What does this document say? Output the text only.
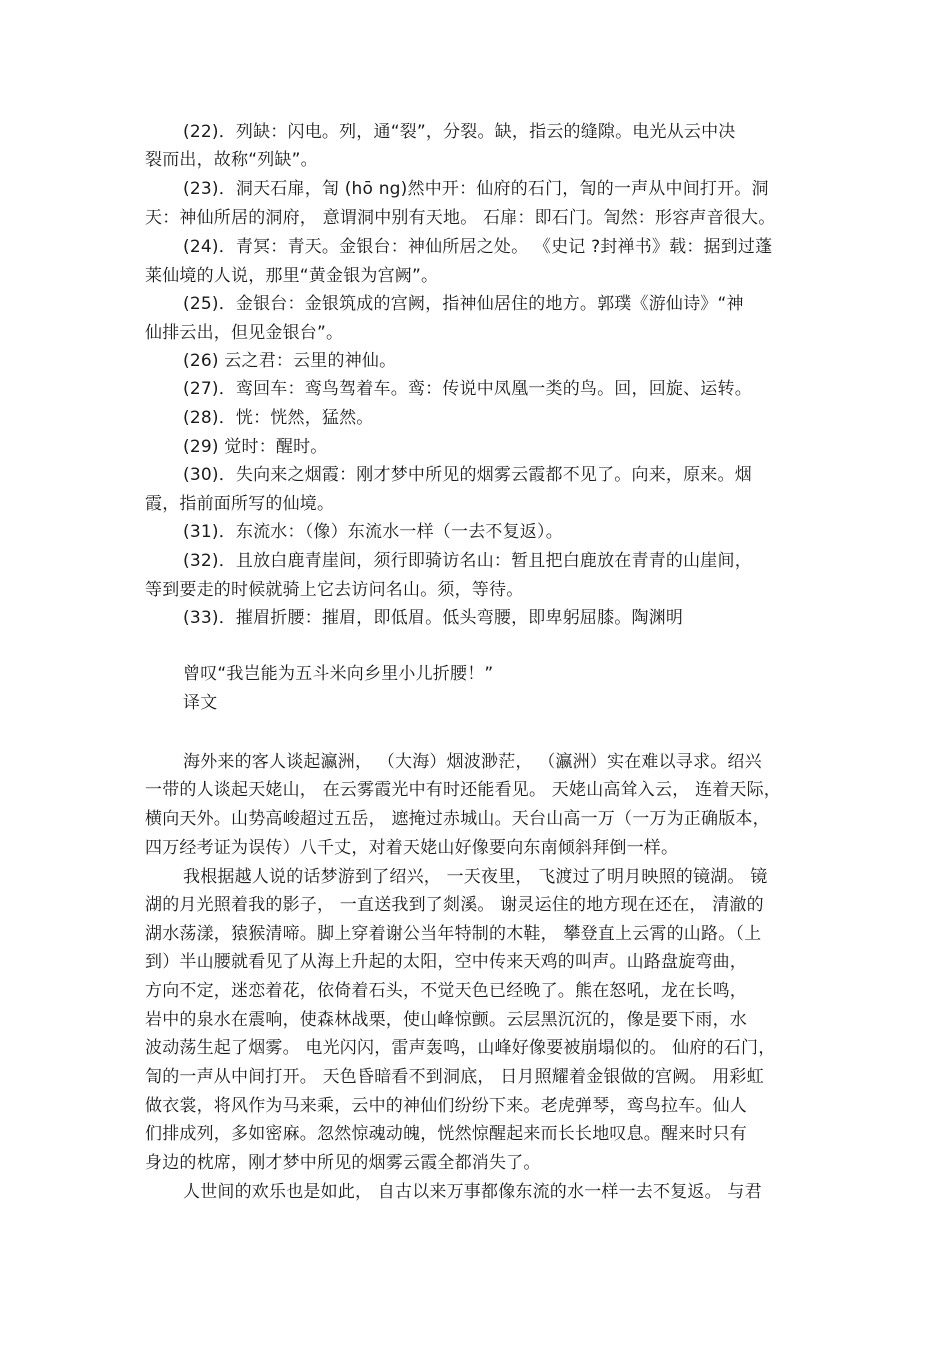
(22)．列缺：闪电。列，通“裂”，分裂。缺，指云的缝隙。电光从云中决
裂而出，故称“列缺”。
(23)．洞天石扉，訇 (hō ng)然中开：仙府的石门，訇的一声从中间打开。洞
天：神仙所居的洞府， 意谓洞中别有天地。 石扉：即石门。訇然：形容声音很大。
(24)．青冥：青天。金银台：神仙所居之处。 《史记 ?封禅书》载：据到过蓬
莱仙境的人说，那里“黄金银为宫阙”。
(25)．金银台：金银筑成的宫阙，指神仙居住的地方。郭璞《游仙诗》“神
仙排云出，但见金银台”。
(26) 云之君：云里的神仙。
(27)．鸾回车：鸾鸟驾着车。鸾：传说中凤凰一类的鸟。回，回旋、运转。
(28)．恍：恍然，猛然。
(29) 觉时：醒时。
(30)．失向来之烟霞：刚才梦中所见的烟雾云霞都不见了。向来，原来。烟
霞，指前面所写的仙境。
(31)．东流水：（像）东流水一样（一去不复返）。
(32)．且放白鹿青崖间，须行即骑访名山：暂且把白鹿放在青青的山崖间，
等到要走的时候就骑上它去访问名山。须，等待。
(33)．摧眉折腰：摧眉，即低眉。低头弯腰，即卑躬屈膝。陶渊明
曾叹“我岂能为五斗米向乡里小儿折腰！”
译文
海外来的客人谈起瀛洲， （大海）烟波渺茫， （瀛洲）实在难以寻求。绍兴
一带的人谈起天姥山， 在云雾霞光中有时还能看见。 天姥山高耸入云， 连着天际，
横向天外。山势高峻超过五岳， 遮掩过赤城山。天台山高一万（一万为正确版本，
四万经考证为误传）八千丈，对着天姥山好像要向东南倾斜拜倒一样。
我根据越人说的话梦游到了绍兴， 一天夜里， 飞渡过了明月映照的镜湖。 镜
湖的月光照着我的影子， 一直送我到了剡溪。 谢灵运住的地方现在还在， 清澈的
湖水荡漾，猿猴清啼。脚上穿着谢公当年特制的木鞋， 攀登直上云霄的山路。（上
到）半山腰就看见了从海上升起的太阳，空中传来天鸡的叫声。山路盘旋弯曲，
方向不定，迷恋着花，依倚着石头，不觉天色已经晚了。熊在怒吼，龙在长鸣，
岩中的泉水在震响，使森林战栗，使山峰惊颤。云层黑沉沉的，像是要下雨，水
波动荡生起了烟雾。 电光闪闪，雷声轰鸣，山峰好像要被崩塌似的。 仙府的石门，
訇的一声从中间打开。 天色昏暗看不到洞底， 日月照耀着金银做的宫阙。 用彩虹
做衣裳，将风作为马来乘，云中的神仙们纷纷下来。老虎弹琴，鸾鸟拉车。仙人
们排成列，多如密麻。忽然惊魂动魄，恍然惊醒起来而长长地叹息。醒来时只有
身边的枕席，刚才梦中所见的烟雾云霞全都消失了。
人世间的欢乐也是如此， 自古以来万事都像东流的水一样一去不复返。 与君
